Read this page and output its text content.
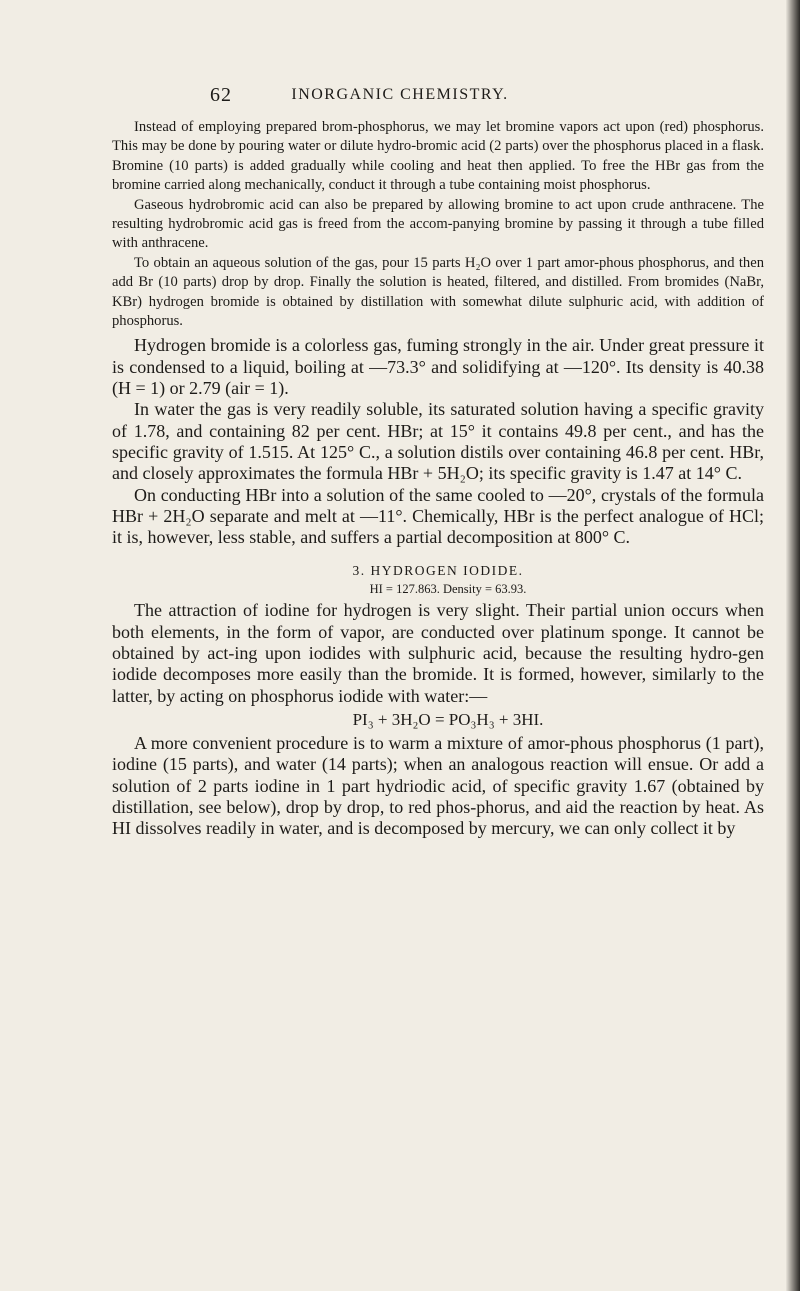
62	INORGANIC CHEMISTRY.

Instead of employing prepared brom-phosphorus, we may let bromine vapors act upon (red) phosphorus. This may be done by pouring water or dilute hydro-bromic acid (2 parts) over the phosphorus placed in a flask. Bromine (10 parts) is added gradually while cooling and heat then applied. To free the HBr gas from the bromine carried along mechanically, conduct it through a tube containing moist phosphorus.

Gaseous hydrobromic acid can also be prepared by allowing bromine to act upon crude anthracene. The resulting hydrobromic acid gas is freed from the accom-panying bromine by passing it through a tube filled with anthracene.

To obtain an aqueous solution of the gas, pour 15 parts H₂O over 1 part amor-phous phosphorus, and then add Br (10 parts) drop by drop. Finally the solution is heated, filtered, and distilled. From bromides (NaBr, KBr) hydrogen bromide is obtained by distillation with somewhat dilute sulphuric acid, with addition of phosphorus.

Hydrogen bromide is a colorless gas, fuming strongly in the air. Under great pressure it is condensed to a liquid, boiling at —73.3° and solidifying at —120°. Its density is 40.38 (H = 1) or 2.79 (air = 1).

In water the gas is very readily soluble, its saturated solution having a specific gravity of 1.78, and containing 82 per cent. HBr; at 15° it contains 49.8 per cent., and has the specific gravity of 1.515. At 125° C., a solution distils over containing 46.8 per cent. HBr, and closely approximates the formula HBr + 5H₂O; its specific gravity is 1.47 at 14° C.

On conducting HBr into a solution of the same cooled to —20°, crystals of the formula HBr + 2H₂O separate and melt at —11°. Chemically, HBr is the perfect analogue of HCl; it is, however, less stable, and suffers a partial decomposition at 800° C.

3. HYDROGEN IODIDE.
HI = 127.863. Density = 63.93.

The attraction of iodine for hydrogen is very slight. Their partial union occurs when both elements, in the form of vapor, are conducted over platinum sponge. It cannot be obtained by act-ing upon iodides with sulphuric acid, because the resulting hydro-gen iodide decomposes more easily than the bromide. It is formed, however, similarly to the latter, by acting on phosphorus iodide with water:—

PI₃ + 3H₂O = PO₃H₃ + 3HI.

A more convenient procedure is to warm a mixture of amor-phous phosphorus (1 part), iodine (15 parts), and water (14 parts); when an analogous reaction will ensue. Or add a solution of 2 parts iodine in 1 part hydriodic acid, of specific gravity 1.67 (obtained by distillation, see below), drop by drop, to red phos-phorus, and aid the reaction by heat. As HI dissolves readily in water, and is decomposed by mercury, we can only collect it by
